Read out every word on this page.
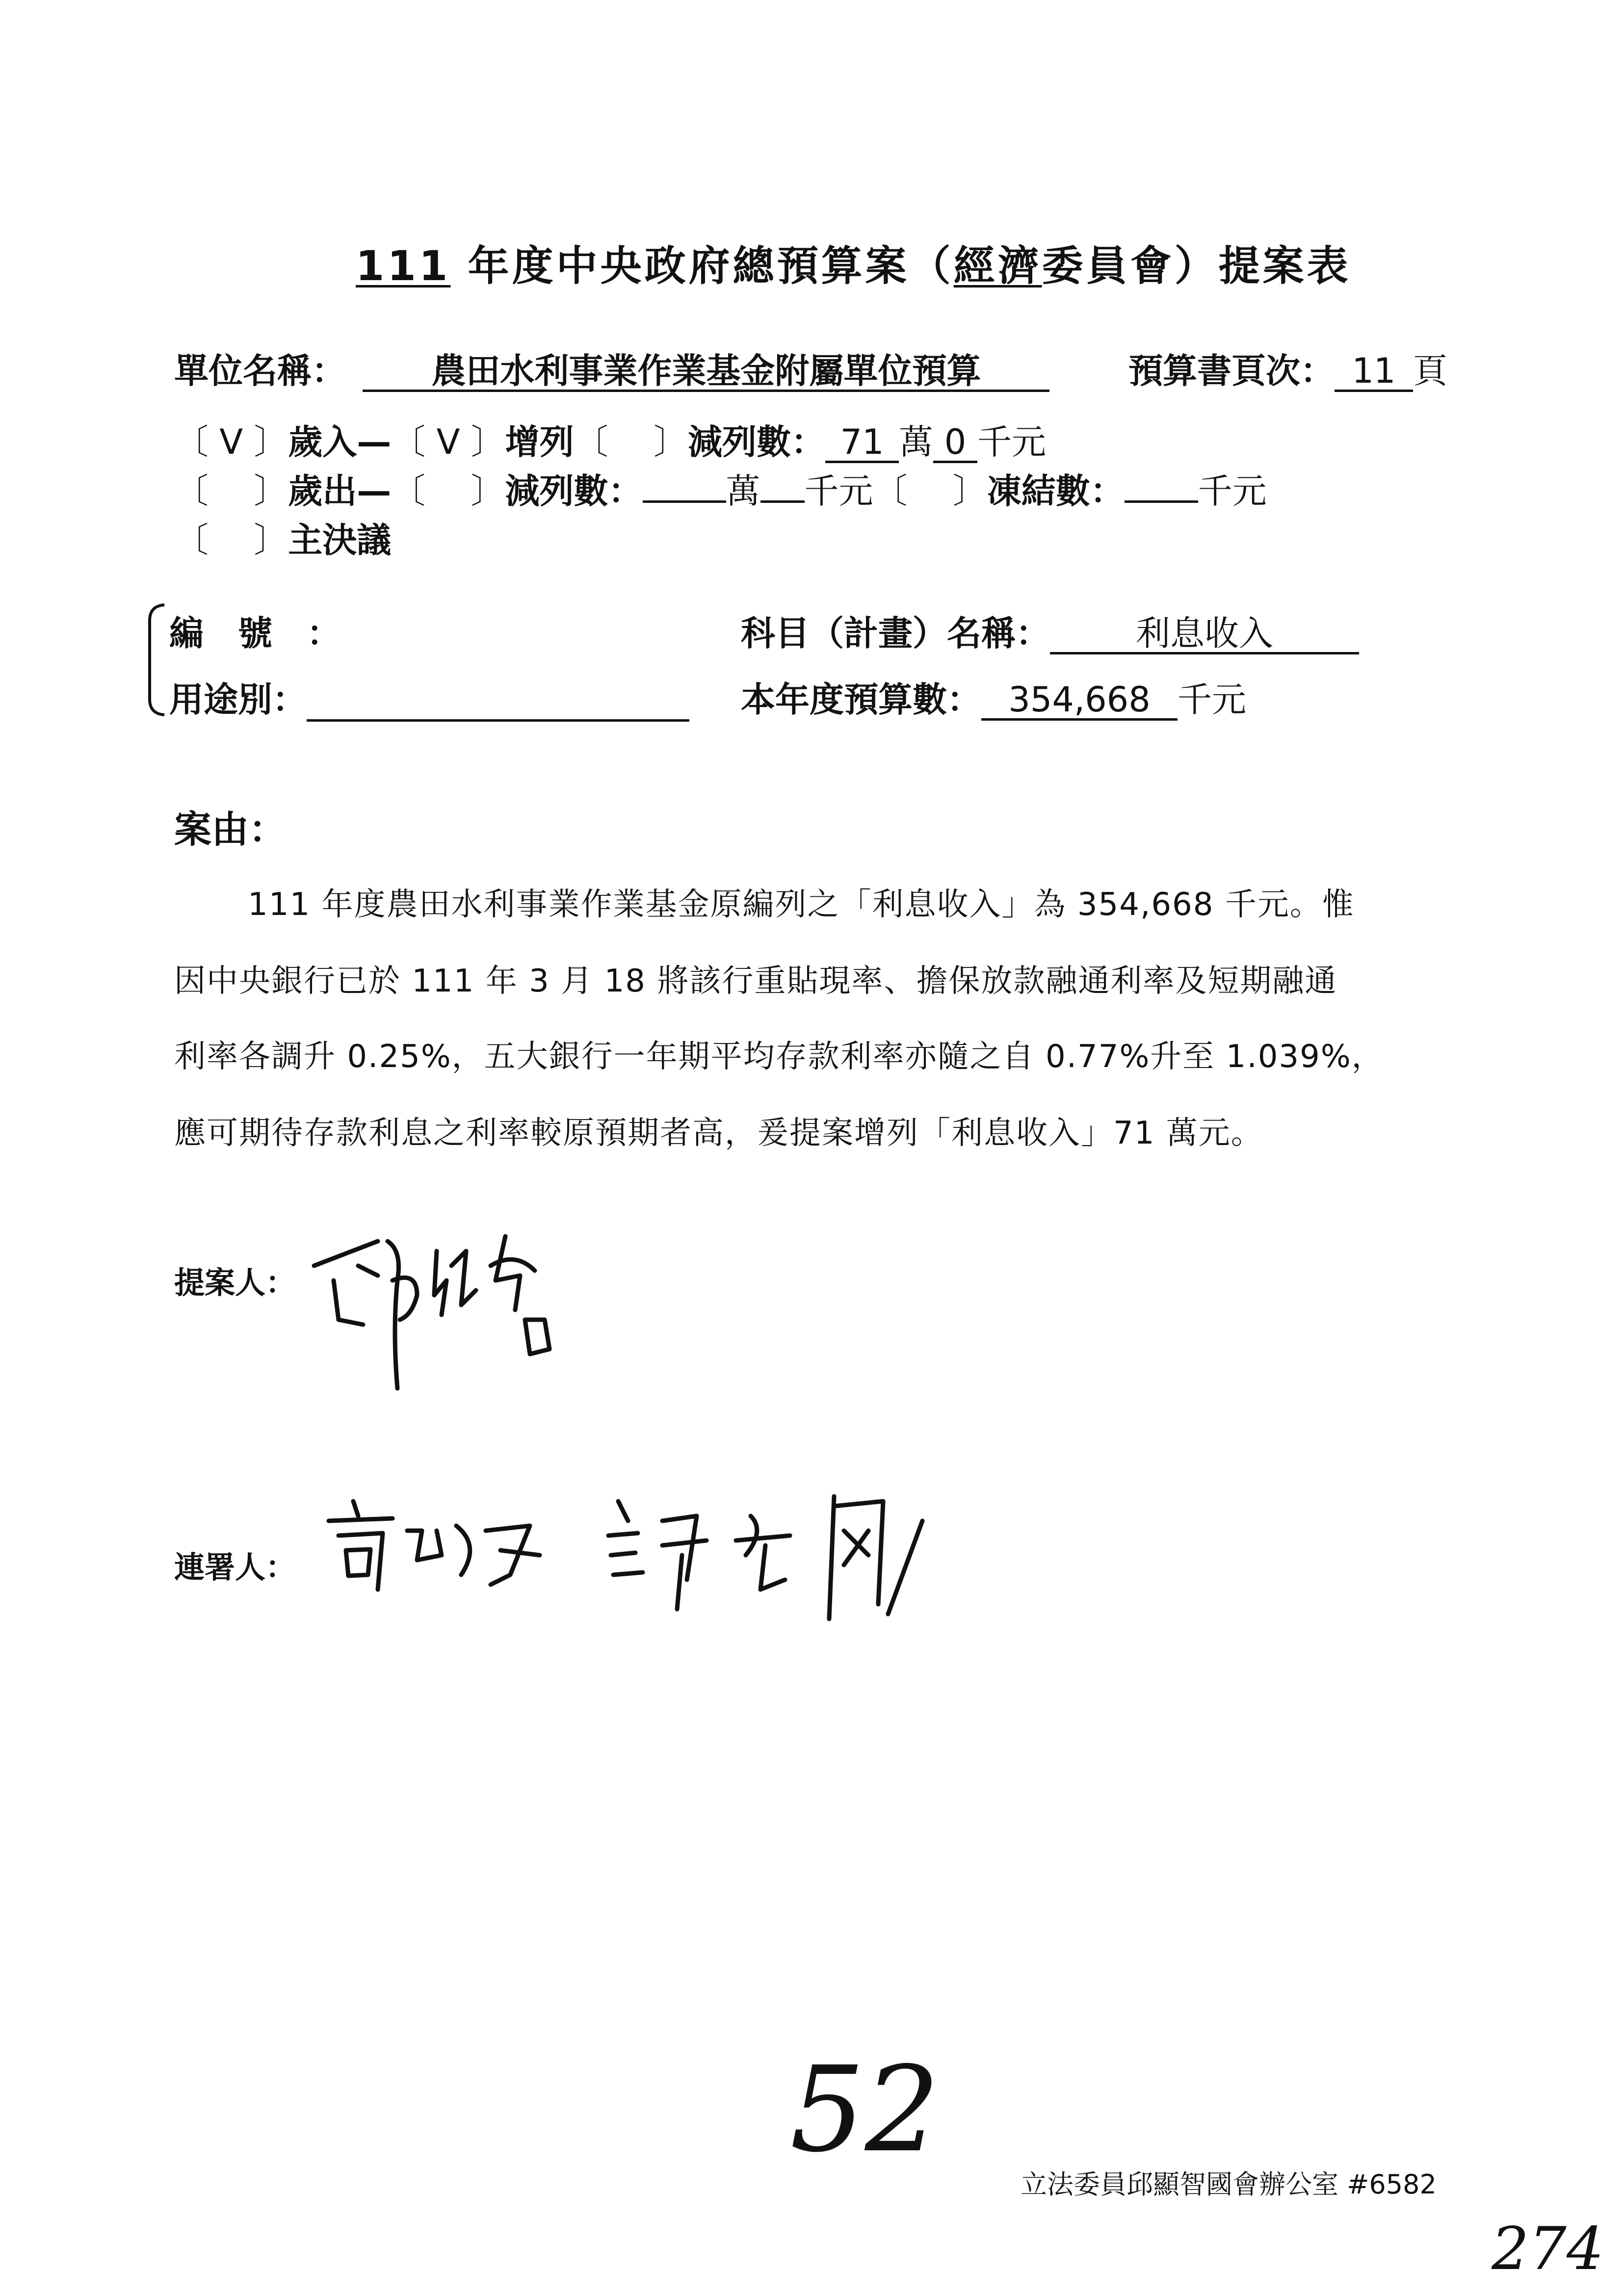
111 年度中央政府總預算案（經濟委員會）提案表
單位名稱： 農田水利事業作業基金附屬單位預算	預算書頁次： 11 頁
〔 V 〕歲入—〔 V 〕增列〔　 〕減列數： 71 萬 0 千元
〔　 〕歲出—〔　 〕減列數： 萬 千元〔　 〕凍結數： 千元
〔　 〕主決議
編　號　：
用途別：
科目（計畫）名稱：	利息收入
本年度預算數： 354,668 千元
案由：
111 年度農田水利事業作業基金原編列之「利息收入」為 354,668 千元。惟
因中央銀行已於 111 年 3 月 18 將該行重貼現率、擔保放款融通利率及短期融通
利率各調升 0.25%，五大銀行一年期平均存款利率亦隨之自 0.77%升至 1.039%，
應可期待存款利息之利率較原預期者高，爰提案增列「利息收入」71 萬元。
提案人：
連署人：
52
立法委員邱顯智國會辦公室 #6582
274
